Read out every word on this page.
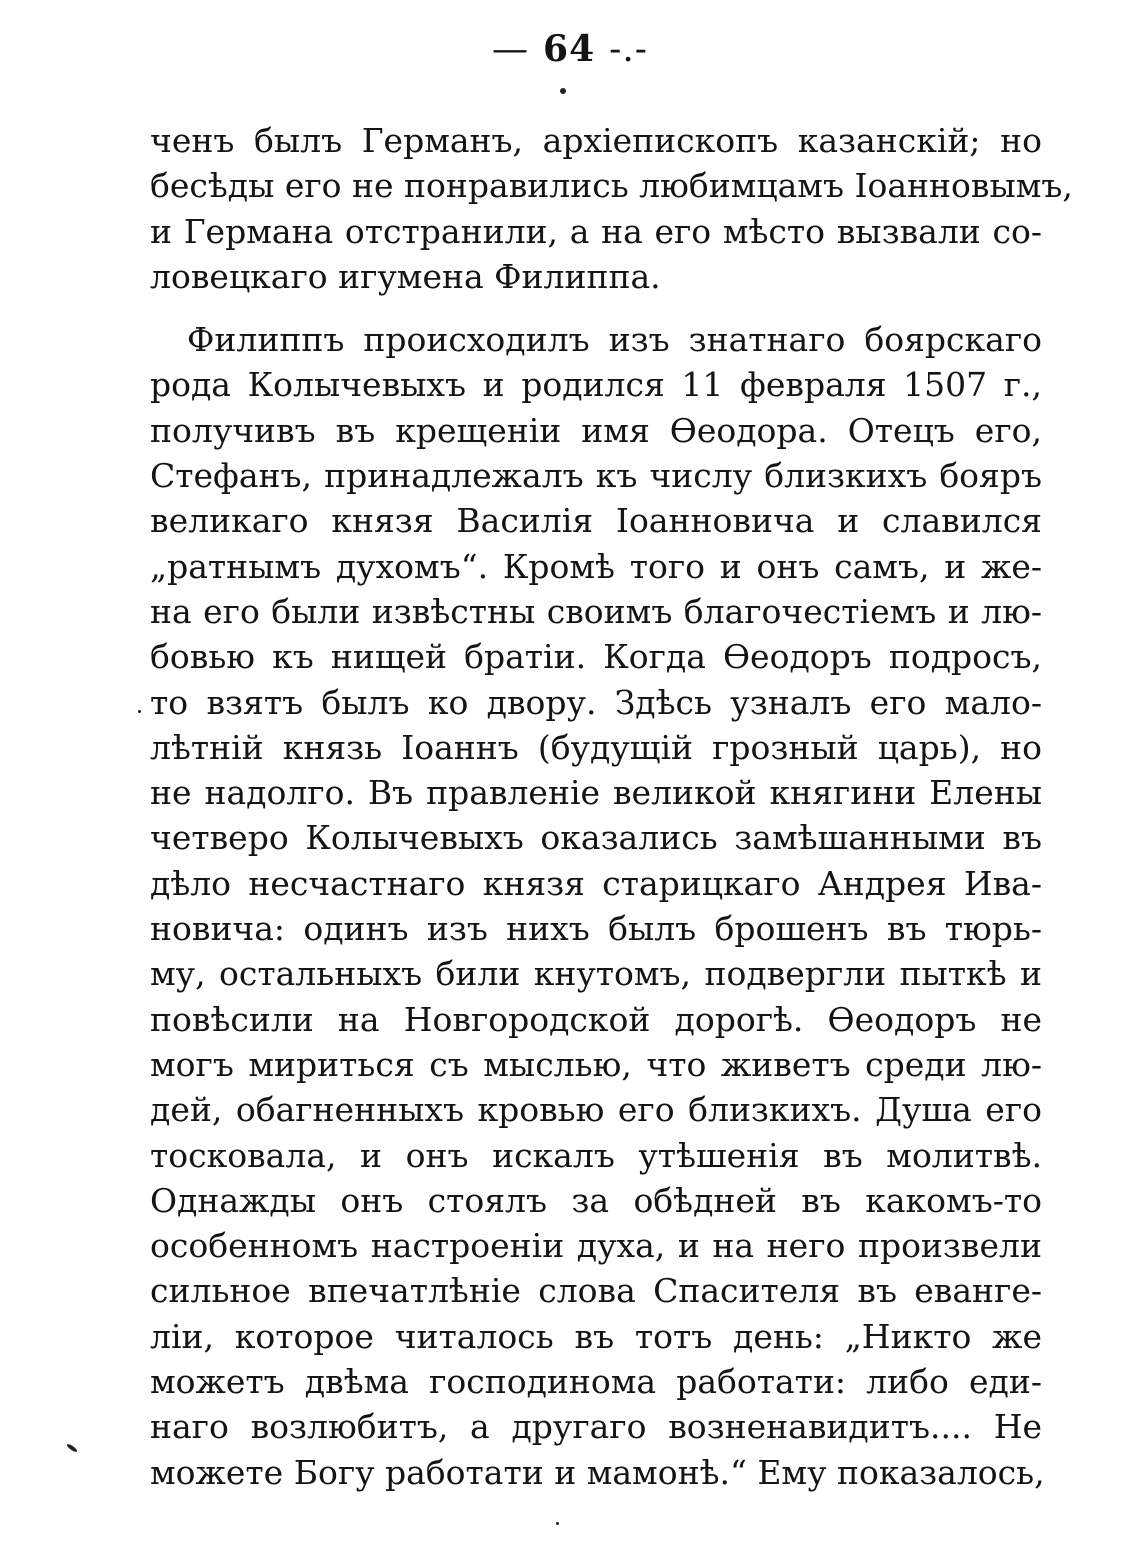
— 64 -.-
ченъ былъ Германъ, архіепископъ казанскій; но
бесѣды его не понравились любимцамъ Іоанновымъ,
и Германа отстранили, а на его мѣсто вызвали со-
ловецкаго игумена Филиппа.
Филиппъ происходилъ изъ знатнаго боярскаго
рода Колычевыхъ и родился 11 февраля 1507 г.,
получивъ въ крещеніи имя Ѳеодора. Отецъ его,
Стефанъ, принадлежалъ къ числу близкихъ бояръ
великаго князя Василія Іоанновича и славился
„ратнымъ духомъ“. Кромѣ того и онъ самъ, и же-
на его были извѣстны своимъ благочестіемъ и лю-
бовью къ нищей братіи. Когда Ѳеодоръ подросъ,
то взятъ былъ ко двору. Здѣсь узналъ его мало-
лѣтній князь Іоаннъ (будущій грозный царь), но
не надолго. Въ правленіе великой княгини Елены
четверо Колычевыхъ оказались замѣшанными въ
дѣло несчастнаго князя старицкаго Андрея Ива-
новича: одинъ изъ нихъ былъ брошенъ въ тюрь-
му, остальныхъ били кнутомъ, подвергли пыткѣ и
повѣсили на Новгородской дорогѣ. Ѳеодоръ не
могъ мириться съ мыслью, что живетъ среди лю-
дей, обагненныхъ кровью его близкихъ. Душа его
тосковала, и онъ искалъ утѣшенія въ молитвѣ.
Однажды онъ стоялъ за обѣдней въ какомъ-то
особенномъ настроеніи духа, и на него произвели
сильное впечатлѣніе слова Спасителя въ еванге-
ліи, которое читалось въ тотъ день: „Никто же
можетъ двѣма господинома работати: либо еди-
наго возлюбитъ, а другаго возненавидитъ.... Не
можете Богу работати и мамонѣ.“ Ему показалось,
